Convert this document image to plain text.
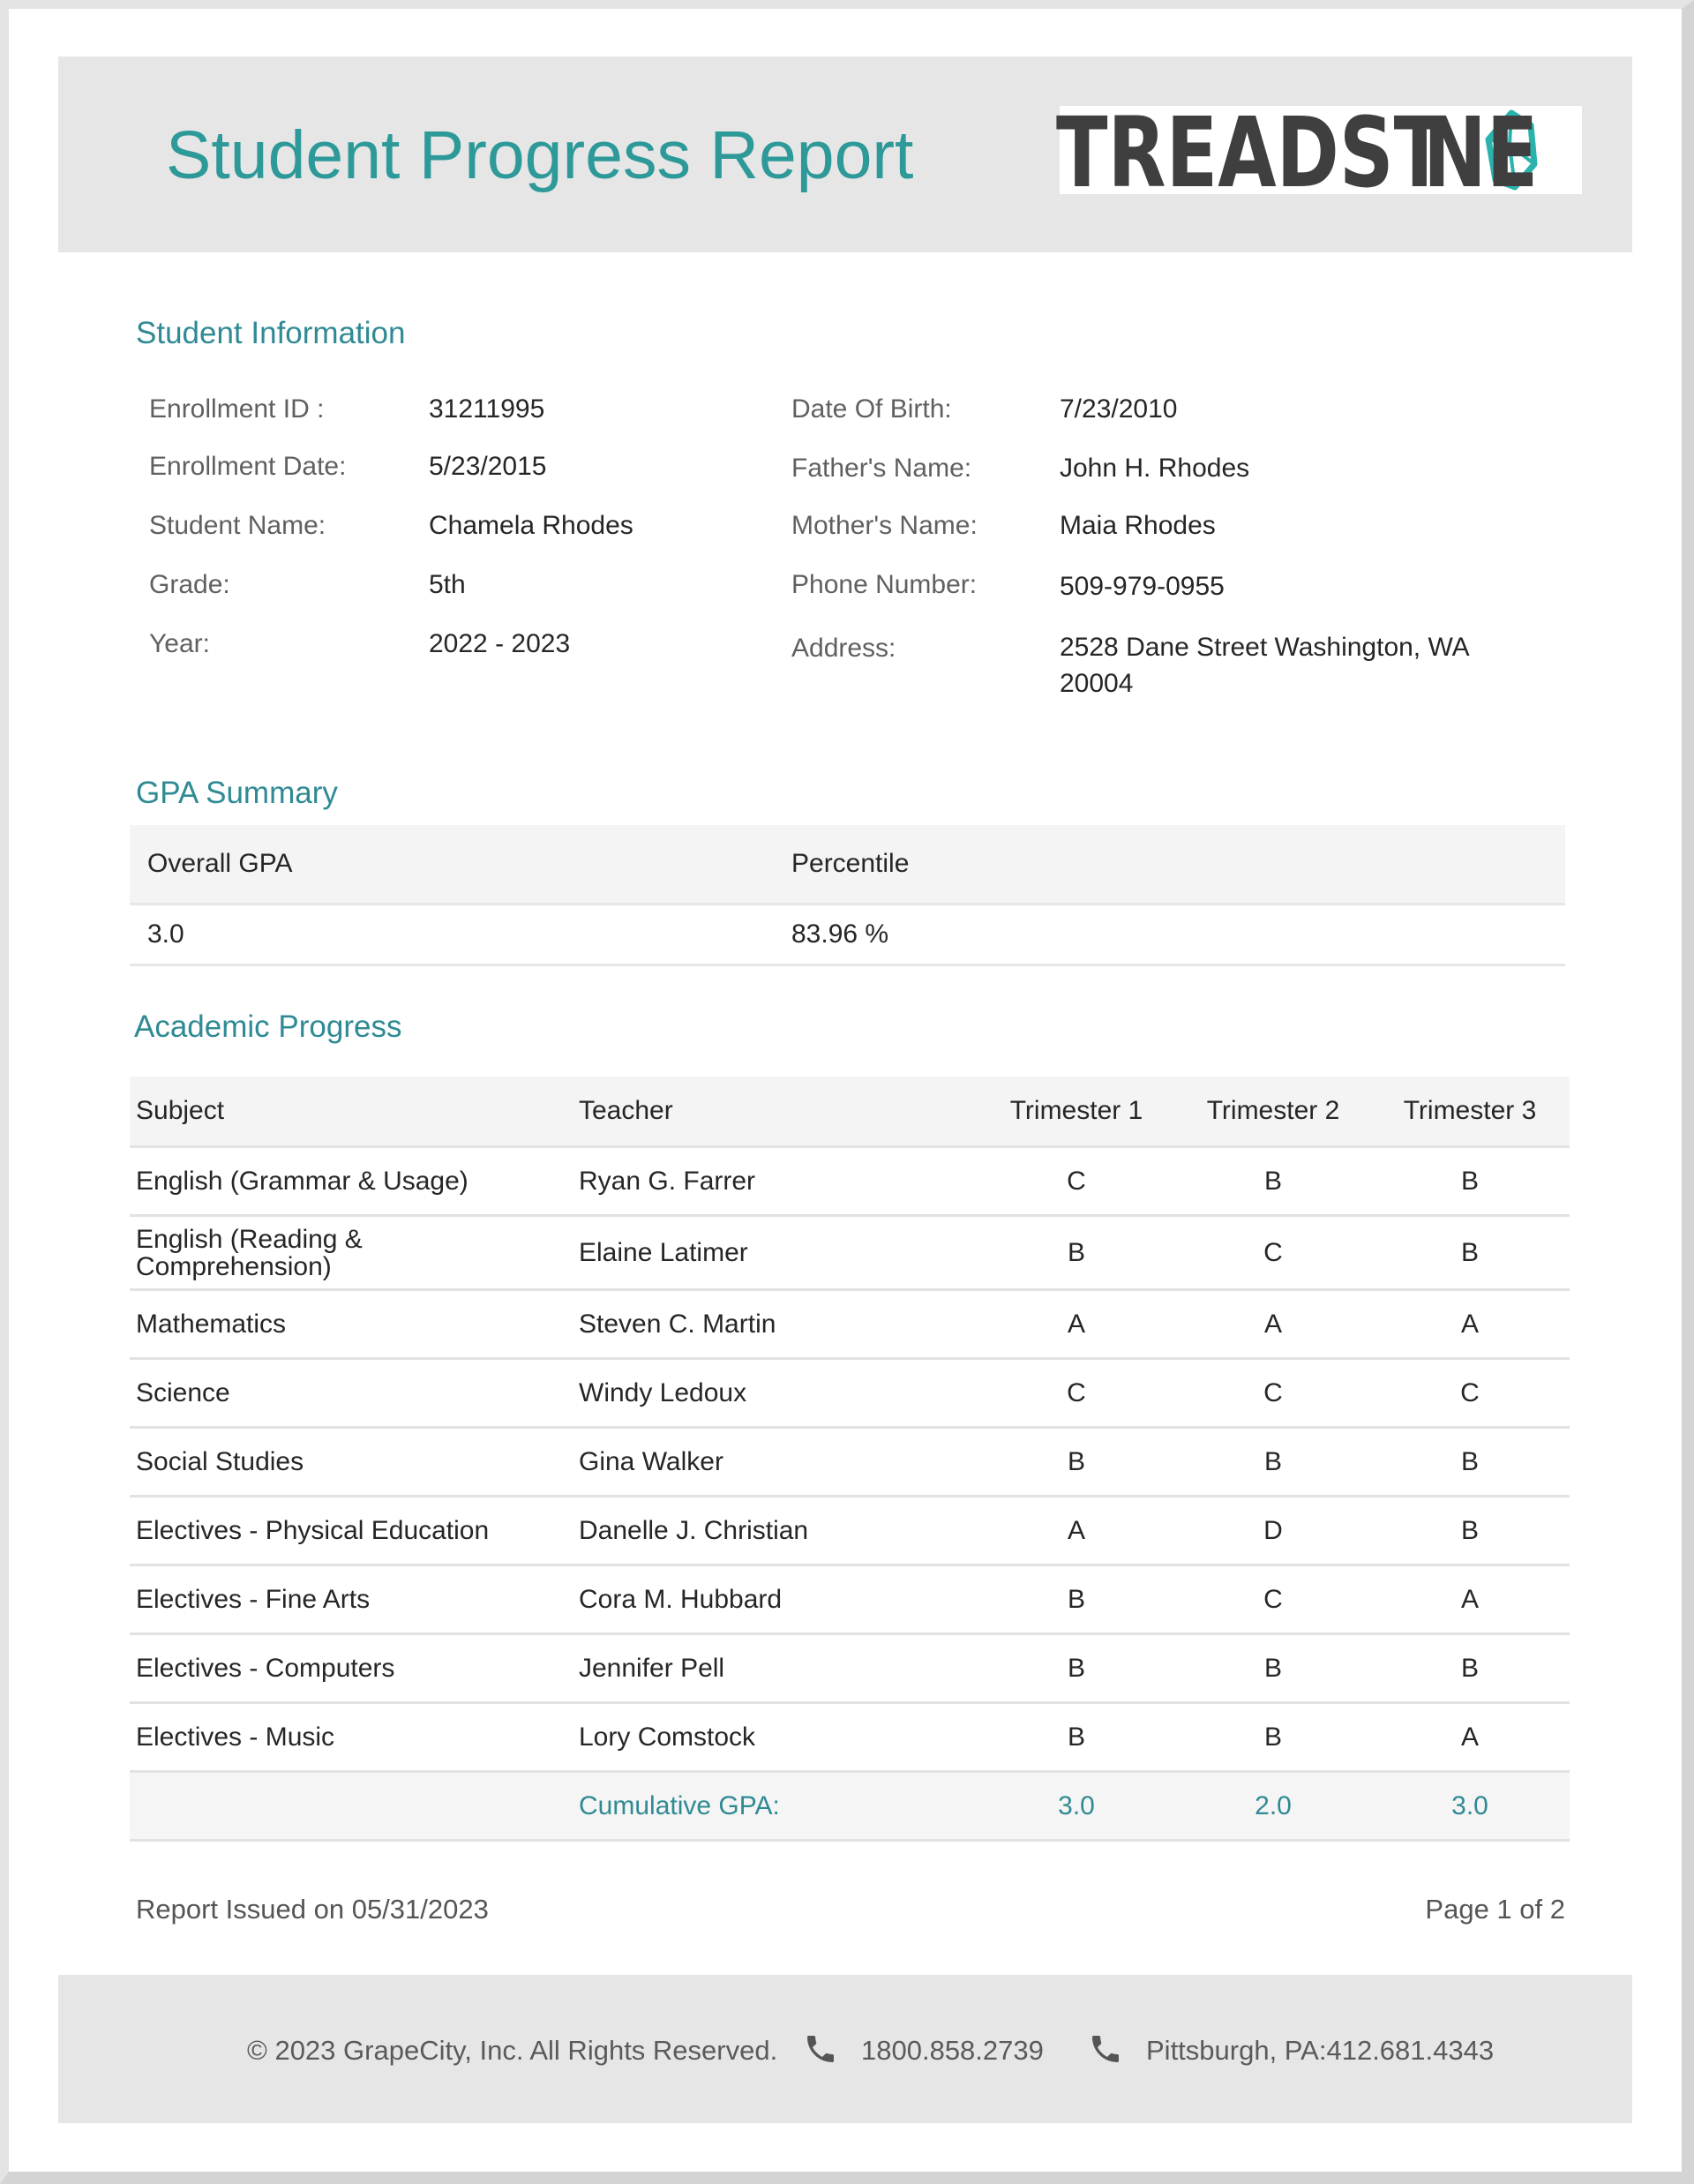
Student Progress Report TREADST
NE
Student Information
Enrollment ID :	31211995
Enrollment Date:	5/23/2015
Student Name:	Chamela Rhodes
Grade:	5th
Year:	2022 - 2023
Date Of Birth:	7/23/2010
Father's Name:	John H. Rhodes
Mother's Name:	Maia Rhodes
Phone Number:	509-979-0955
Address:	2528 Dane Street Washington, WA 20004
GPA Summary
Overall GPA	Percentile
3.0	83.96 %
Academic Progress
Subject	Teacher	Trimester 1	Trimester 2	Trimester 3
English (Grammar & Usage)	Ryan G. Farrer	C	B	B
English (Reading & Comprehension)	Elaine Latimer	B	C	B
Mathematics	Steven C. Martin	A	A	A
Science	Windy Ledoux	C	C	C
Social Studies	Gina Walker	B	B	B
Electives - Physical Education	Danelle J. Christian	A	D	B
Electives - Fine Arts	Cora M. Hubbard	B	C	A
Electives - Computers	Jennifer Pell	B	B	B
Electives - Music	Lory Comstock	B	B	A
Cumulative GPA:	3.0	2.0	3.0
Report Issued on 05/31/2023	Page 1 of 2
© 2023 GrapeCity, Inc. All Rights Reserved.	1800.858.2739	Pittsburgh, PA:412.681.4343
